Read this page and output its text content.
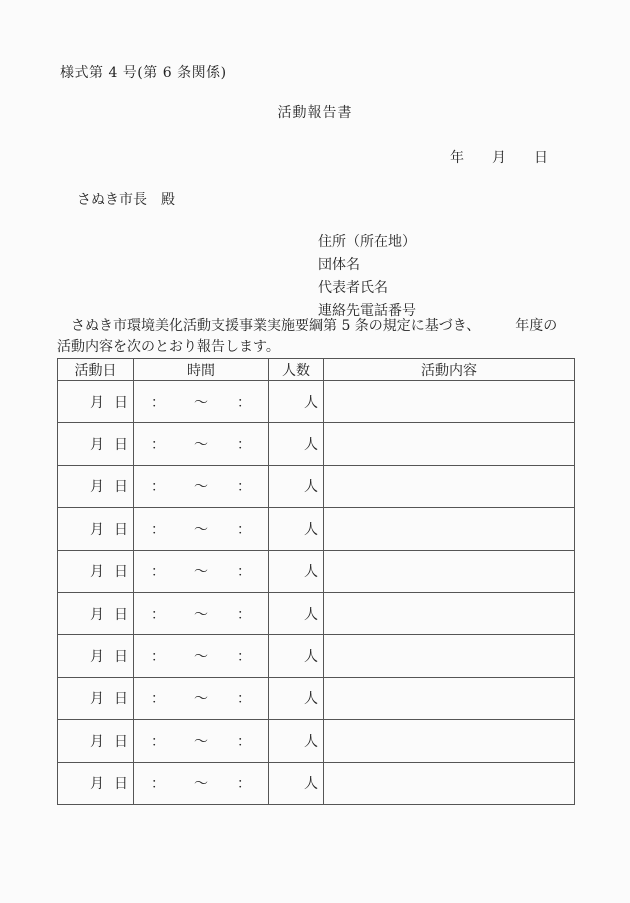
様式第 4 号(第 6 条関係)
活動報告書
年 月 日
さぬき市長　殿
住所（所在地）
団体名
代表者氏名
連絡先電話番号
　さぬき市環境美化活動支援事業実施要綱第 5 条の規定に基づき、　　　年度の
活動内容を次のとおり報告します。
活動日	時間	人数	活動内容

月 日	： ～ ：	人	

月 日	： ～ ：	人	

月 日	： ～ ：	人	

月 日	： ～ ：	人	

月 日	： ～ ：	人	

月 日	： ～ ：	人	

月 日	： ～ ：	人	

月 日	： ～ ：	人	

月 日	： ～ ：	人	

月 日	： ～ ：	人	
